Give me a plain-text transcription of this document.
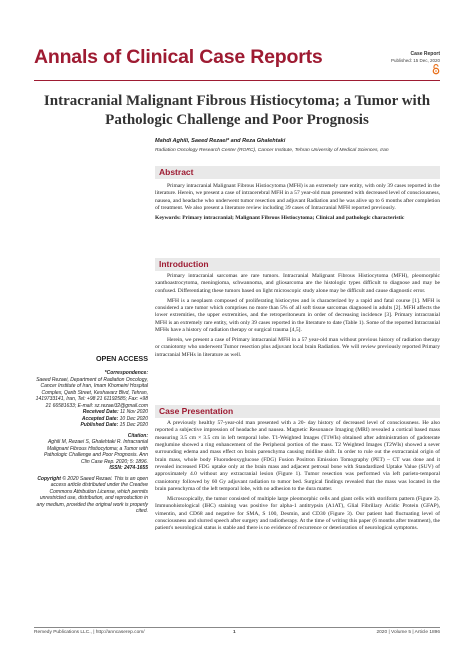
Annals of Clinical Case Reports	Case Report
Published: 15 Dec, 2020
Intracranial Malignant Fibrous Histiocytoma; a Tumor with Pathologic Challenge and Poor Prognosis
Mahdi Aghili, Saeed Rezaei* and Reza Ghalehtaki
Radiation Oncology Research Center (RORC), Cancer Institute, Tehran University of Medical Sciences, Iran
Abstract

Primary intracranial Malignant Fibrous Histiocytoma (MFH) is an extremely rare entity, with only 39 cases reported in the literature. Herein, we present a case of intracerebral MFH in a 57 year-old man presented with decreased level of consciousness, nausea, and headache who underwent tumor resection and adjuvant Radiation and he was alive up to 6 months after completion of treatment. We also present a literature review including 39 cases of Intracranial MFH reported previously.

Keywords: Primary intracranial; Malignant Fibrous Histiocytoma; Clinical and pathologic characteristic

Introduction

Primary intracranial sarcomas are rare tumors. Intracranial Malignant Fibrous Histiocytoma (MFH), pleomorphic xanthoastrocytoma, meningioma, schwannoma, and gliosarcoma are the histologic types difficult to diagnose and may be confused. Differentiating these tumors based on light microscopic study alone may be difficult and cause diagnostic error.

MFH is a neoplasm composed of proliferating histiocytes and is characterized by a rapid and fatal course [1]. MFH is considered a rare tumor which comprises no more than 5% of all soft tissue sarcomas diagnosed in adults [2]. MFH affects the lower extremities, the upper extremities, and the retroperitoneum in order of decreasing incidence [3]. Primary intracranial MFH is an extremely rare entity, with only 39 cases reported in the literature to date (Table 1). Some of the reported Intracranial MFHs have a history of radiation therapy or surgical trauma [4,5].

Herein, we present a case of Primary intracranial MFH in a 57 year-old man without previous history of radiation therapy or craniotomy who underwent Tumor resection plus adjuvant local brain Radiation. We will review previously reported Primary intracranial MFHs in literature as well.

Case Presentation

A previously healthy 57-year-old man presented with a 20- day history of decreased level of consciousness. He also reported a subjective impression of headache and nausea. Magnetic Resonance Imaging (MRI) revealed a cortical based mass measuring 3.5 cm × 3.5 cm in left temporal lobe. T1-Weighted Images (T1WIs) obtained after administration of gadoterate meglumine showed a ring enhancement of the Peripheral portion of the mass. T2 Weighted Images (T2WIs) showed a sever surrounding edema and mass effect on brain parenchyma causing midline shift. In order to rule out the extracranial origin of brain mass, whole body Fluorodeoxyglucose (FDG) Fusion Positron Emission Tomography (PET) – CT was done and it revealed increased FDG uptake only at the brain mass and adjacent petrosal bone with Standardized Uptake Value (SUV) of approximately 4.0 without any extracranial lesion (Figure 1). Tumor resection was performed via left parieto-temporal craniotomy followed by 60 Gy adjuvant radiation to tumor bed. Surgical findings revealed that the mass was located in the brain parenchyma of the left temporal lobe, with no adhesion to the dura matter.

Microscopically, the tumor consisted of multiple large pleomorphic cells and giant cells with storiform pattern (Figure 2). Immunohistological (IHC) staining was positive for alpha-1 antitrypsin (A1AT), Glial Fibrillary Acidic Protein (GFAP), vimentin, and CD68 and negative for SMA, S 100, Desmin, and CD30 (Figure 3). Our patient had fluctuating level of consciousness and slurred speech after surgery and radiotherapy. At the time of writing this paper (6 months after treatment), the patient's neurological status is stable and there is no evidence of recurrence or deterioration of neurological symptoms.

OPEN ACCESS
*Correspondence:
Saeed Rezaei, Department of Radiation Oncology, Cancer Institute of Iran, Imam Khomeini Hospital Complex, Qarib Street, Keshavarz Blvd, Tehran, 1419733141, Iran, Tel: +98 21 61192585; Fax: +98 21 66581633; E-mail: sz.rezaei32@gmail.com
Received Date: 11 Nov 2020
Accepted Date: 10 Dec 2020
Published Date: 15 Dec 2020
Citation:
Aghili M, Rezaei S, Ghalehtaki R. Intracranial Malignant Fibrous Histiocytoma; a Tumor with Pathologic Challenge and Poor Prognosis. Ann Clin Case Rep. 2020; 5: 1896.
ISSN: 2474-1655
Copyright © 2020 Saeed Rezaei. This is an open access article distributed under the Creative Commons Attribution License, which permits unrestricted use, distribution, and reproduction in any medium, provided the original work is properly cited.
Remedy Publications LLC., | http://anncaserep.com/	1	2020 | Volume 5 | Article 1896
